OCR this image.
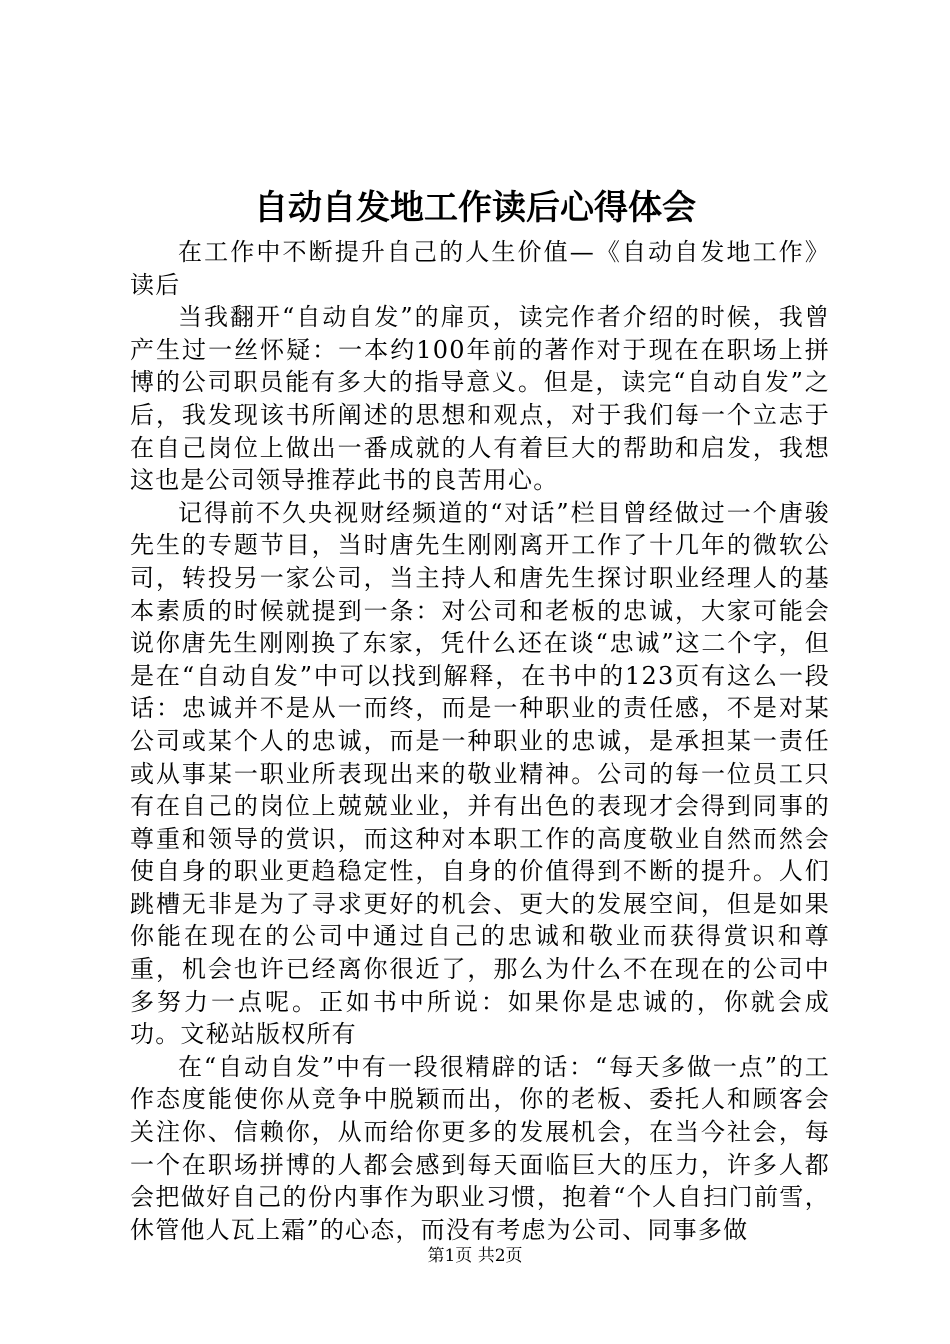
自动自发地工作读后心得体会

在工作中不断提升自己的人生价值—《自动自发地工作》读后

当我翻开“自动自发”的扉页，读完作者介绍的时候，我曾产生过一丝怀疑：一本约100年前的著作对于现在在职场上拼博的公司职员能有多大的指导意义。但是，读完“自动自发”之后，我发现该书所阐述的思想和观点，对于我们每一个立志于在自己岗位上做出一番成就的人有着巨大的帮助和启发，我想这也是公司领导推荐此书的良苦用心。

记得前不久央视财经频道的“对话”栏目曾经做过一个唐骏先生的专题节目，当时唐先生刚刚离开工作了十几年的微软公司，转投另一家公司，当主持人和唐先生探讨职业经理人的基本素质的时候就提到一条：对公司和老板的忠诚，大家可能会说你唐先生刚刚换了东家，凭什么还在谈“忠诚”这二个字，但是在“自动自发”中可以找到解释，在书中的123页有这么一段话：忠诚并不是从一而终，而是一种职业的责任感，不是对某公司或某个人的忠诚，而是一种职业的忠诚，是承担某一责任或从事某一职业所表现出来的敬业精神。公司的每一位员工只有在自己的岗位上兢兢业业，并有出色的表现才会得到同事的尊重和领导的赏识，而这种对本职工作的高度敬业自然而然会使自身的职业更趋稳定性，自身的价值得到不断的提升。人们跳槽无非是为了寻求更好的机会、更大的发展空间，但是如果你能在现在的公司中通过自己的忠诚和敬业而获得赏识和尊重，机会也许已经离你很近了，那么为什么不在现在的公司中多努力一点呢。正如书中所说：如果你是忠诚的，你就会成功。文秘站版权所有

在“自动自发”中有一段很精辟的话：“每天多做一点”的工作态度能使你从竞争中脱颖而出，你的老板、委托人和顾客会关注你、信赖你，从而给你更多的发展机会，在当今社会，每一个在职场拼博的人都会感到每天面临巨大的压力，许多人都会把做好自己的份内事作为职业习惯，抱着“个人自扫门前雪，休管他人瓦上霜”的心态，而没有考虑为公司、同事多做

第1页 共2页
